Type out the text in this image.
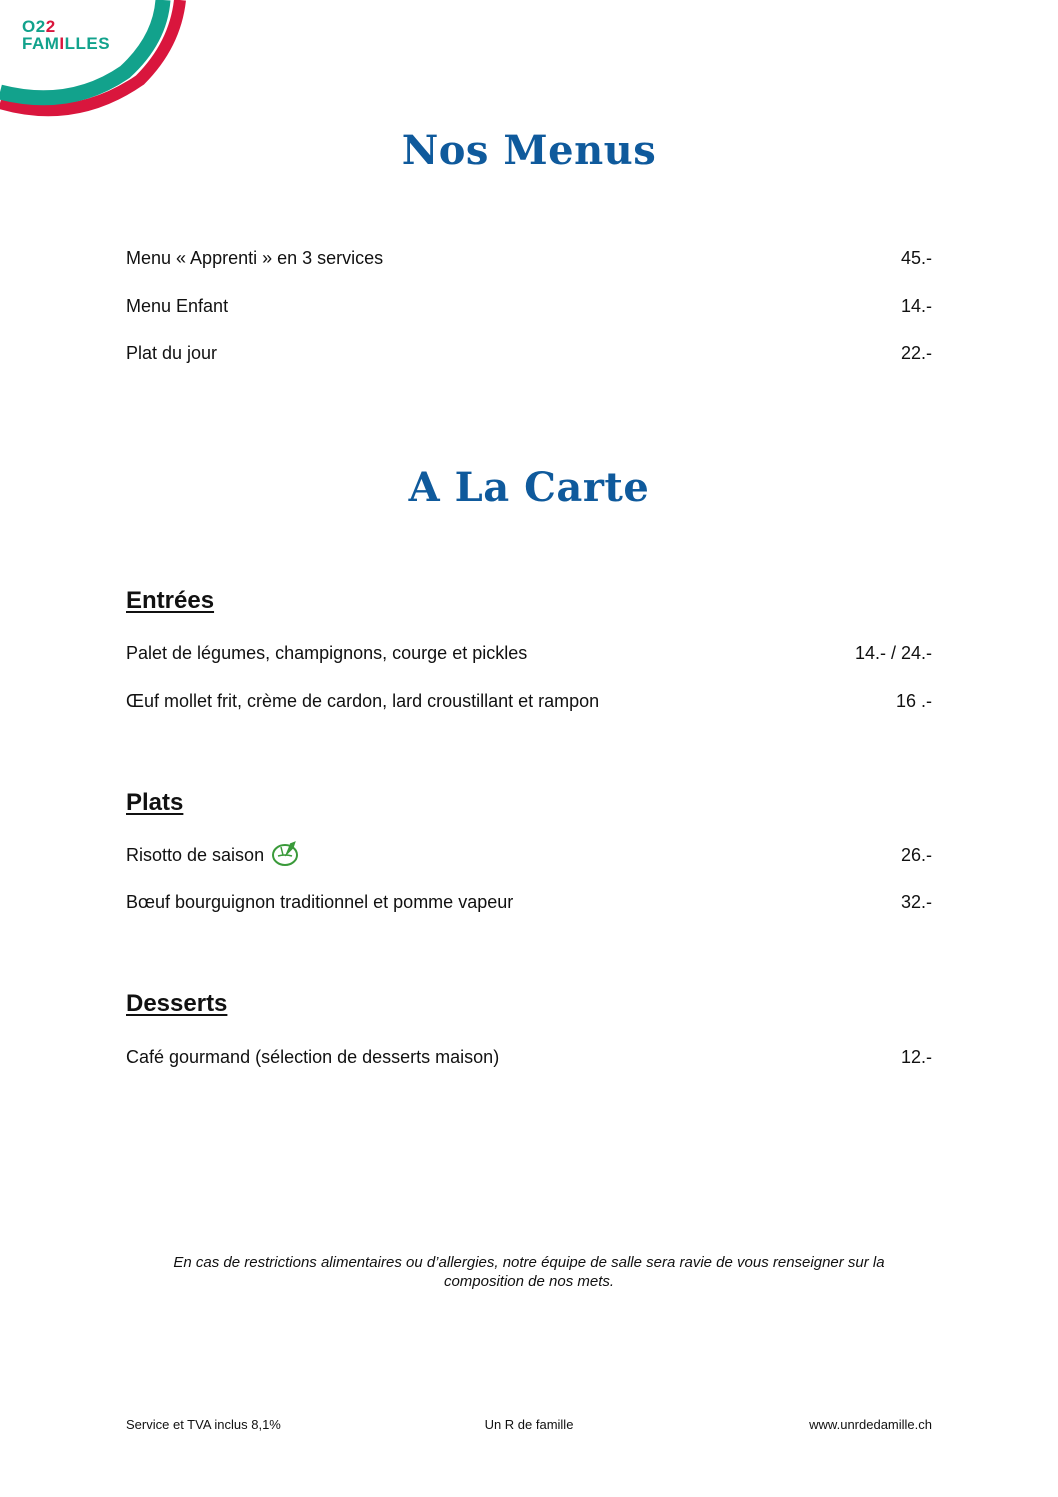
O22
FAMILLES
Nos Menus
Menu « Apprenti » en 3 services	45.-
Menu Enfant	14.-
Plat du jour	22.-
A La Carte
Entrées
Palet de légumes, champignons, courge et pickles	14.- / 24.-
Œuf mollet frit, crème de cardon, lard croustillant et rampon	16 .-
Plats
Risotto de saison	26.-
Bœuf bourguignon traditionnel et pomme vapeur	32.-
Desserts
Café gourmand (sélection de desserts maison)	12.-
En cas de restrictions alimentaires ou d’allergies, notre équipe de salle sera ravie de vous renseigner sur la composition de nos mets.
Service et TVA inclus 8,1%	Un R de famille	www.unrdedamille.ch
